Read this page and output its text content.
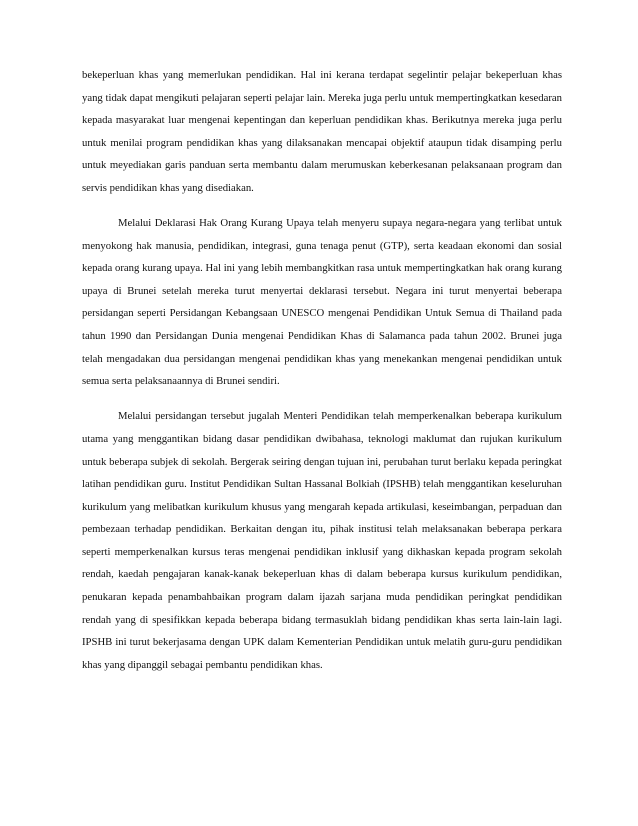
bekeperluan khas yang memerlukan pendidikan. Hal ini kerana terdapat segelintir pelajar bekeperluan khas yang tidak dapat mengikuti pelajaran seperti pelajar lain. Mereka juga perlu untuk mempertingkatkan kesedaran kepada masyarakat luar mengenai kepentingan dan keperluan pendidikan khas. Berikutnya mereka juga perlu untuk menilai program pendidikan khas yang dilaksanakan mencapai objektif ataupun tidak disamping perlu untuk meyediakan garis panduan serta membantu dalam merumuskan keberkesanan pelaksanaan program dan servis pendidikan khas yang disediakan.

Melalui Deklarasi Hak Orang Kurang Upaya telah menyeru supaya negara-negara yang terlibat untuk menyokong hak manusia, pendidikan, integrasi, guna tenaga penut (GTP), serta keadaan ekonomi dan sosial kepada orang kurang upaya. Hal ini yang lebih membangkitkan rasa untuk mempertingkatkan hak orang kurang upaya di Brunei setelah mereka turut menyertai deklarasi tersebut. Negara ini turut menyertai beberapa persidangan seperti Persidangan Kebangsaan UNESCO mengenai Pendidikan Untuk Semua di Thailand pada tahun 1990 dan Persidangan Dunia mengenai Pendidikan Khas di Salamanca pada tahun 2002. Brunei juga telah mengadakan dua persidangan mengenai pendidikan khas yang menekankan mengenai pendidikan untuk semua serta pelaksanaannya di Brunei sendiri.

Melalui persidangan tersebut jugalah Menteri Pendidikan telah memperkenalkan beberapa kurikulum utama yang menggantikan bidang dasar pendidikan dwibahasa, teknologi maklumat dan rujukan kurikulum untuk beberapa subjek di sekolah. Bergerak seiring dengan tujuan ini, perubahan turut berlaku kepada peringkat latihan pendidikan guru. Institut Pendidikan Sultan Hassanal Bolkiah (IPSHB) telah menggantikan keseluruhan kurikulum yang melibatkan kurikulum khusus yang mengarah kepada artikulasi, keseimbangan, perpaduan dan pembezaan terhadap pendidikan. Berkaitan dengan itu, pihak institusi telah melaksanakan beberapa perkara seperti memperkenalkan kursus teras mengenai pendidikan inklusif yang dikhaskan kepada program sekolah rendah, kaedah pengajaran kanak-kanak bekeperluan khas di dalam beberapa kursus kurikulum pendidikan, penukaran kepada penambahbaikan program dalam ijazah sarjana muda pendidikan peringkat pendidikan rendah yang di spesifikkan kepada beberapa bidang termasuklah bidang pendidikan khas serta lain-lain lagi. IPSHB ini turut bekerjasama dengan UPK dalam Kementerian Pendidikan untuk melatih guru-guru pendidikan khas yang dipanggil sebagai pembantu pendidikan khas.
